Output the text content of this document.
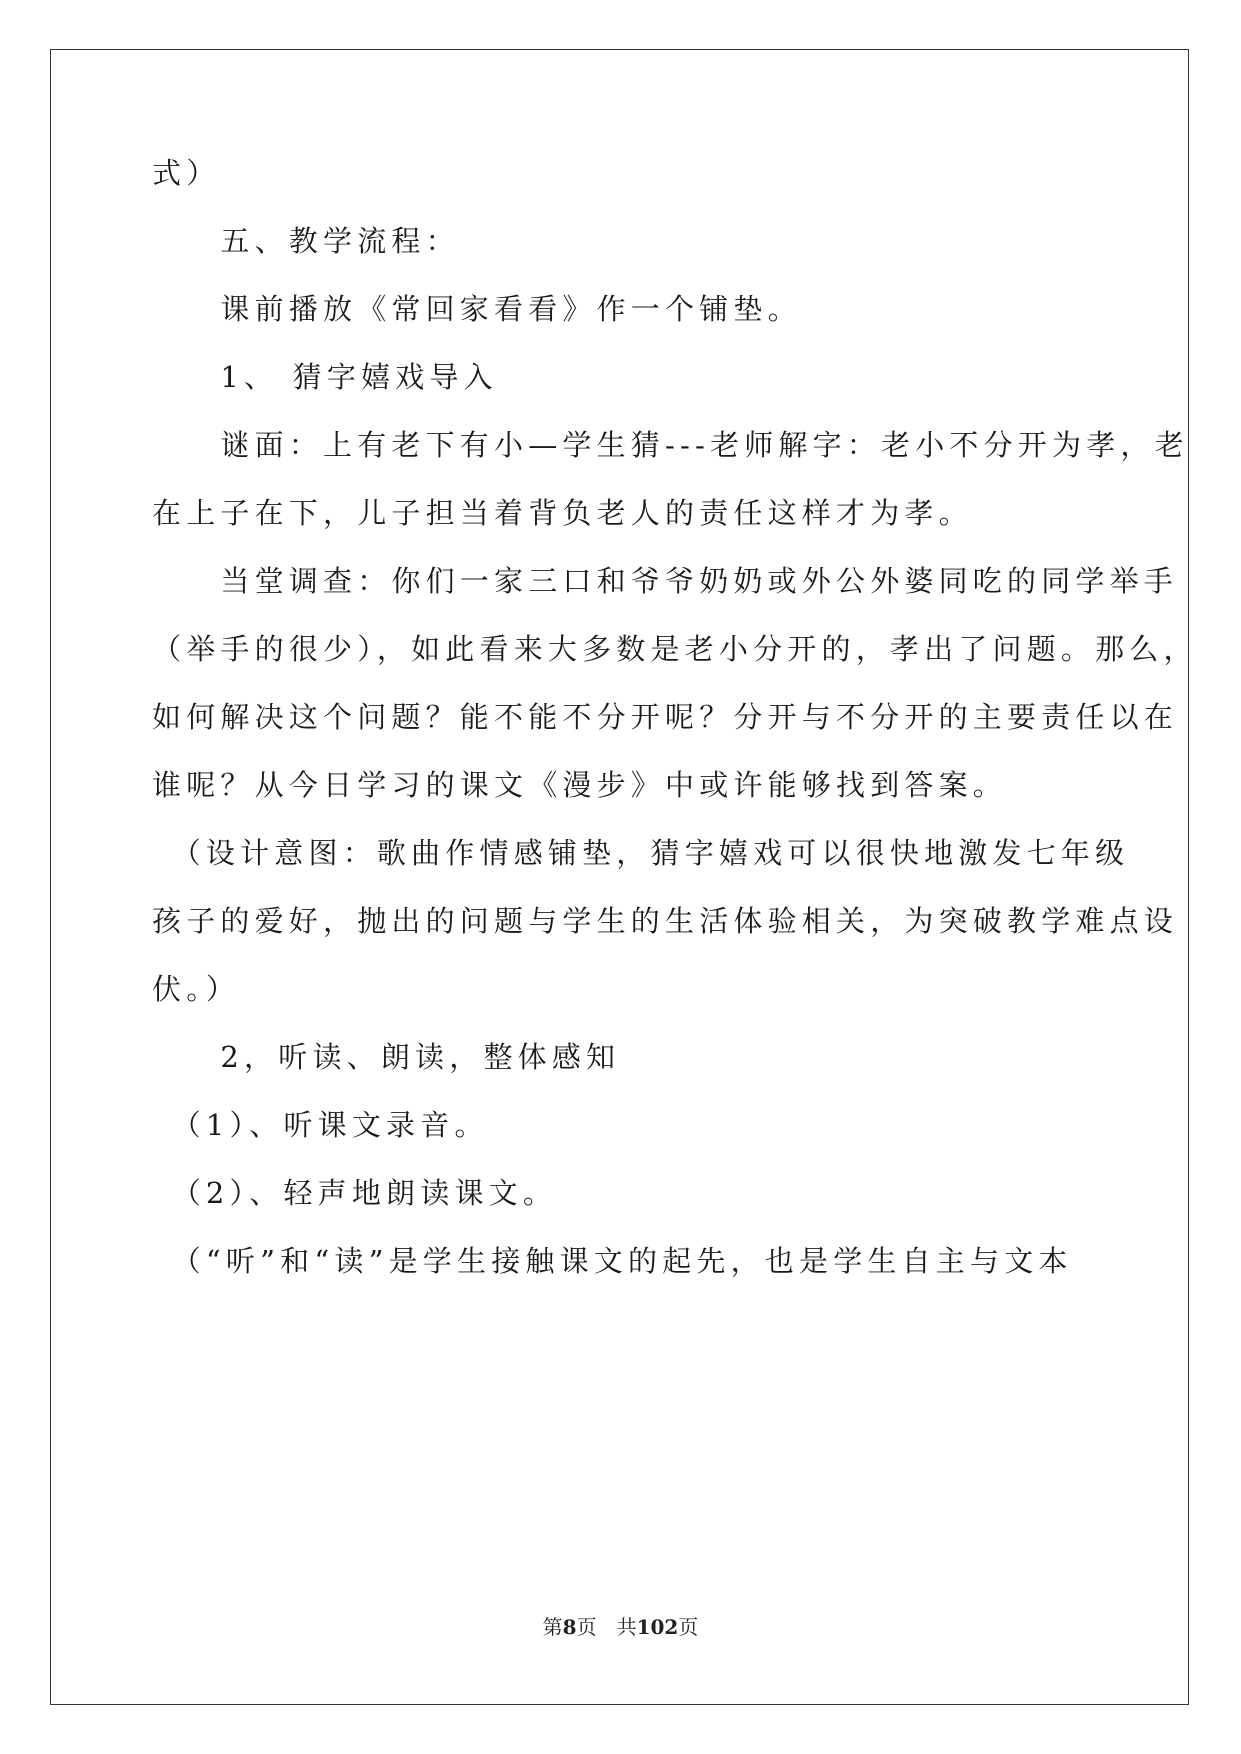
式）
　　五、教学流程：
　　课前播放《常回家看看》作一个铺垫。
　　1、 猜字嬉戏导入
　　谜面：上有老下有小—学生猜---老师解字：老小不分开为孝，老
在上子在下，儿子担当着背负老人的责任这样才为孝。
　　当堂调查：你们一家三口和爷爷奶奶或外公外婆同吃的同学举手
（举手的很少），如此看来大多数是老小分开的，孝出了问题。那么，
如何解决这个问题？能不能不分开呢？分开与不分开的主要责任以在
谁呢？从今日学习的课文《漫步》中或许能够找到答案。
　（设计意图：歌曲作情感铺垫，猜字嬉戏可以很快地激发七年级
孩子的爱好，抛出的问题与学生的生活体验相关，为突破教学难点设
伏。）
　　2，听读、朗读，整体感知
　（1）、听课文录音。
　（2）、轻声地朗读课文。
　（“听”和“读”是学生接触课文的起先，也是学生自主与文本
第8页　共102页
